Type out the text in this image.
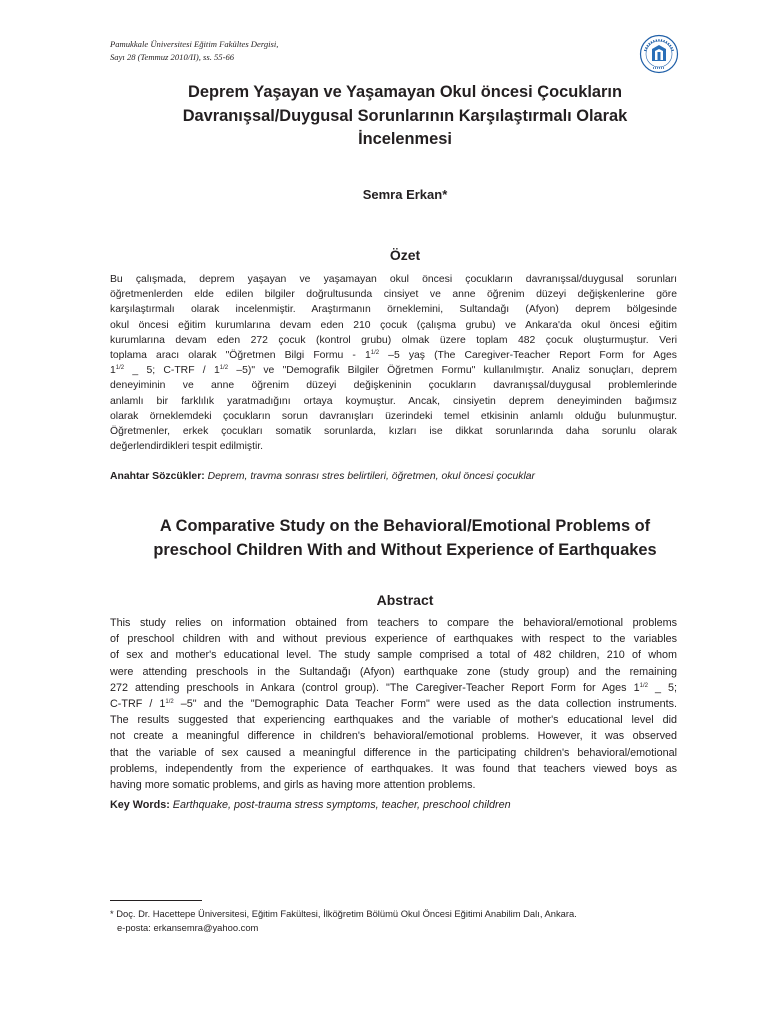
Pamukkale Üniversitesi Eğitim Fakültes Dergisi,
Sayı 28 (Temmuz 2010/II), ss. 55-66
Deprem Yaşayan ve Yaşamayan Okul öncesi Çocukların
Davranışsal/Duygusal Sorunlarının Karşılaştırmalı Olarak
İncelenmesi
Semra Erkan*
Özet
Bu çalışmada, deprem yaşayan ve yaşamayan okul öncesi çocukların davranışsal/duygusal sorunları
öğretmenlerden elde edilen bilgiler doğrultusunda cinsiyet ve anne öğrenim düzeyi değişkenlerine göre
karşılaştırmalı olarak incelenmiştir. Araştırmanın örneklemini, Sultandağı (Afyon) deprem bölgesinde
okul öncesi eğitim kurumlarına devam eden 210 çocuk (çalışma grubu) ve Ankara'da okul öncesi eğitim
kurumlarına devam eden 272 çocuk (kontrol grubu) olmak üzere toplam 482 çocuk oluşturmuştur. Veri
toplama aracı olarak "Öğretmen Bilgi Formu - $1^{1/2}$ –5 yaş (The Caregiver-Teacher Report Form for Ages
$1^{1/2}$ _ 5; $C-TRF / 1^{1/2}$ –5)" ve "Demografik Bilgiler Öğretmen Formu" kullanılmıştır. Analiz sonuçları, deprem
deneyiminin ve anne öğrenim düzeyi değişkeninin çocukların davranışsal/duygusal problemlerinde
anlamlı bir farklılık yaratmadığını ortaya koymuştur. Ancak, cinsiyetin deprem deneyiminden bağımsız
olarak örneklemdeki çocukların sorun davranışları üzerindeki temel etkisinin anlamlı olduğu bulunmuştur.
Öğretmenler, erkek çocukları somatik sorunlarda, kızları ise dikkat sorunlarında daha sorunlu olarak
değerlendirdikleri tespit edilmiştir.
Anahtar Sözcükler: Deprem, travma sonrası stres belirtileri, öğretmen, okul öncesi çocuklar
A Comparative Study on the Behavioral/Emotional Problems of
preschool Children With and Without Experience of Earthquakes
Abstract
This study relies on information obtained from teachers to compare the behavioral/emotional problems
of preschool children with and without previous experience of earthquakes with respect to the variables
of sex and mother's educational level. The study sample comprised a total of 482 children, 210 of whom
were attending preschools in the Sultandağı (Afyon) earthquake zone (study group) and the remaining
272 attending preschools in Ankara (control group). "The Caregiver-Teacher Report Form for Ages $1^{1/2}$ _ 5;
$C-TRF / 1^{1/2}$ –5" and the "Demographic Data Teacher Form" were used as the data collection instruments.
The results suggested that experiencing earthquakes and the variable of mother's educational level did
not create a meaningful difference in children's behavioral/emotional problems. However, it was observed
that the variable of sex caused a meaningful difference in the participating children's behavioral/emotional
problems, independently from the experience of earthquakes. It was found that teachers viewed boys as
having more somatic problems, and girls as having more attention problems.
Key Words: Earthquake, post-trauma stress symptoms, teacher, preschool children
* Doç. Dr. Hacettepe Üniversitesi, Eğitim Fakültesi, İlköğretim Bölümü Okul Öncesi Eğitimi Anabilim Dalı, Ankara.
e-posta: erkansemra@yahoo.com
